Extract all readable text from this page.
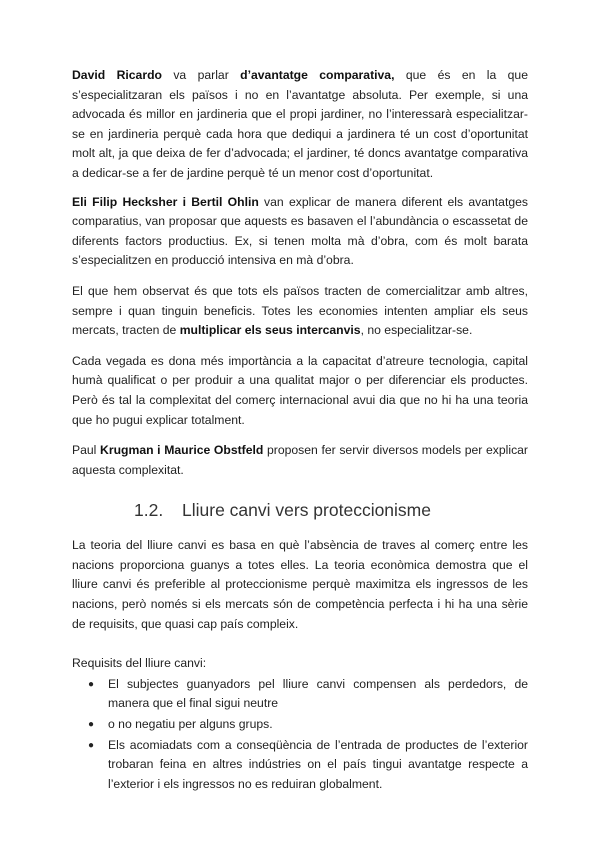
David Ricardo va parlar d’avantatge comparativa, que és en la que s’especialitzaran els països i no en l’avantatge absoluta. Per exemple, si una advocada és millor en jardineria que el propi jardiner, no l’interessarà especialitzar-se en jardineria perquè cada hora que dediqui a jardinera té un cost d’oportunitat molt alt, ja que deixa de fer d’advocada; el jardiner, té doncs avantatge comparativa a dedicar-se a fer de jardine perquè té un menor cost d’oportunitat.

Eli Filip Hecksher i Bertil Ohlin van explicar de manera diferent els avantatges comparatius, van proposar que aquests es basaven el l’abundància o escassetat de diferents factors productius. Ex, si tenen molta mà d’obra, com és molt barata s’especialitzen en producció intensiva en mà d’obra.

El que hem observat és que tots els països tracten de comercialitzar amb altres, sempre i quan tinguin beneficis. Totes les economies intenten ampliar els seus mercats, tracten de multiplicar els seus intercanvis, no especialitzar-se.

Cada vegada es dona més importància a la capacitat d’atreure tecnologia, capital humà qualificat o per produir a una qualitat major o per diferenciar els productes. Però és tal la complexitat del comerç internacional avui dia que no hi ha una teoria que ho pugui explicar totalment.

Paul Krugman i Maurice Obstfeld proposen fer servir diversos models per explicar aquesta complexitat.

1.2. Lliure canvi vers proteccionisme

La teoria del lliure canvi es basa en què l’absència de traves al comerç entre les nacions proporciona guanys a totes elles. La teoria econòmica demostra que el lliure canvi és preferible al proteccionisme perquè maximitza els ingressos de les nacions, però només si els mercats són de competència perfecta i hi ha una sèrie de requisits, que quasi cap país compleix.

Requisits del lliure canvi:

● El subjectes guanyadors pel lliure canvi compensen als perdedors, de manera que el final sigui neutre
● o no negatiu per alguns grups.
● Els acomiadats com a conseqüència de l’entrada de productes de l’exterior trobaran feina en altres indústries on el país tingui avantatge respecte a l’exterior i els ingressos no es reduiran globalment.
